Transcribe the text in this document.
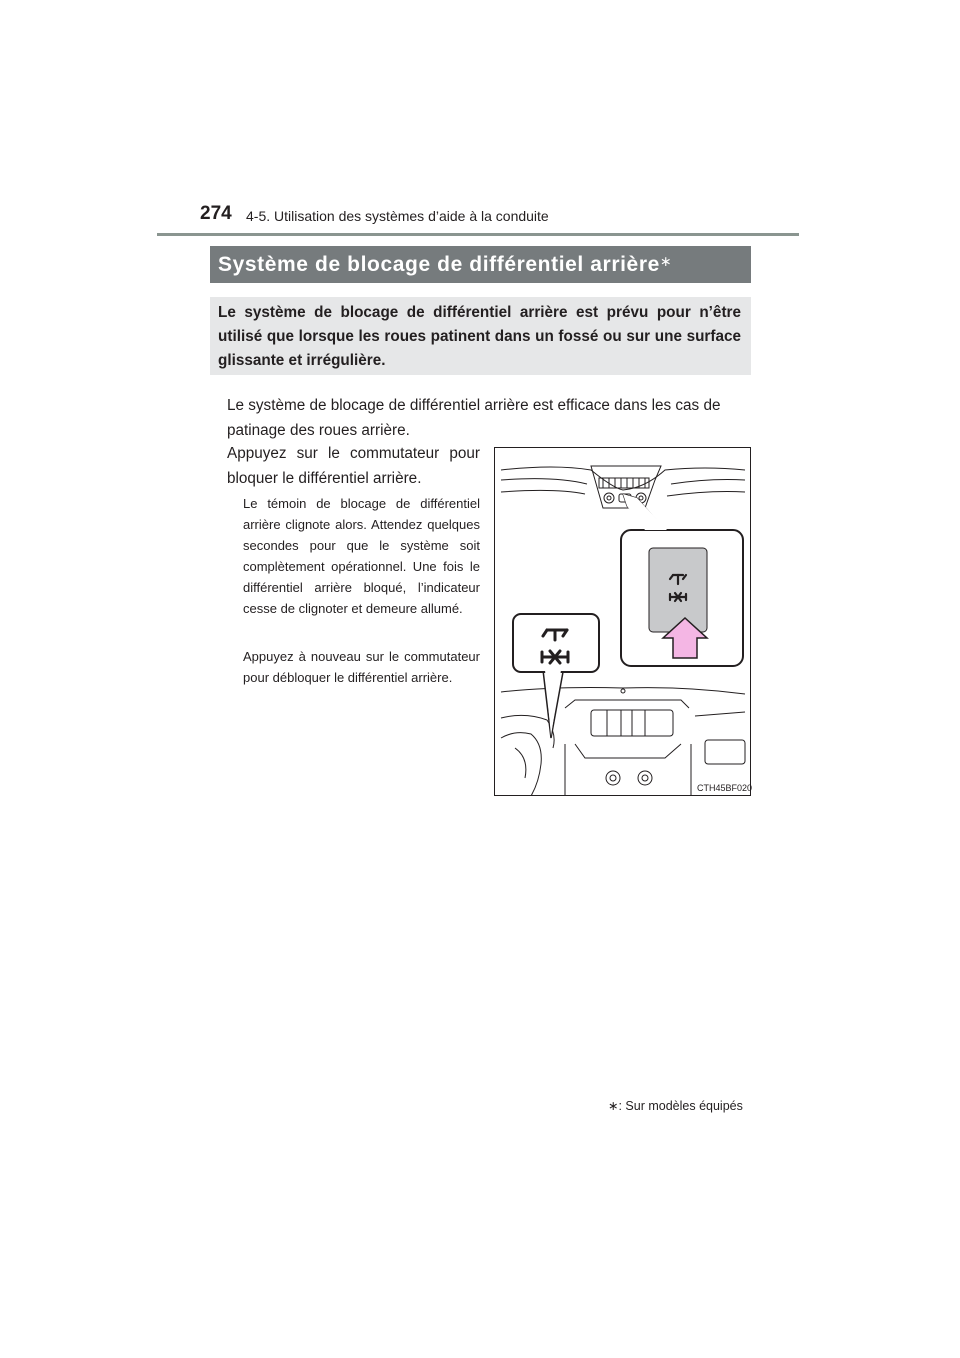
274 4-5. Utilisation des systèmes d’aide à la conduite
Système de blocage de différentiel arrière∗
Le système de blocage de différentiel arrière est prévu pour n’être utilisé que lorsque les roues patinent dans un fossé ou sur une surface glissante et irrégulière.
Le système de blocage de différentiel arrière est efficace dans les cas de patinage des roues arrière.
Appuyez sur le commutateur pour bloquer le différentiel arrière.
Le témoin de blocage de différentiel arrière clignote alors. Attendez quelques secondes pour que le système soit complètement opérationnel. Une fois le différentiel arrière bloqué, l’indicateur cesse de clignoter et demeure allumé.
Appuyez à nouveau sur le commutateur pour débloquer le différentiel arrière.
CTH45BF020
∗: Sur modèles équipés
